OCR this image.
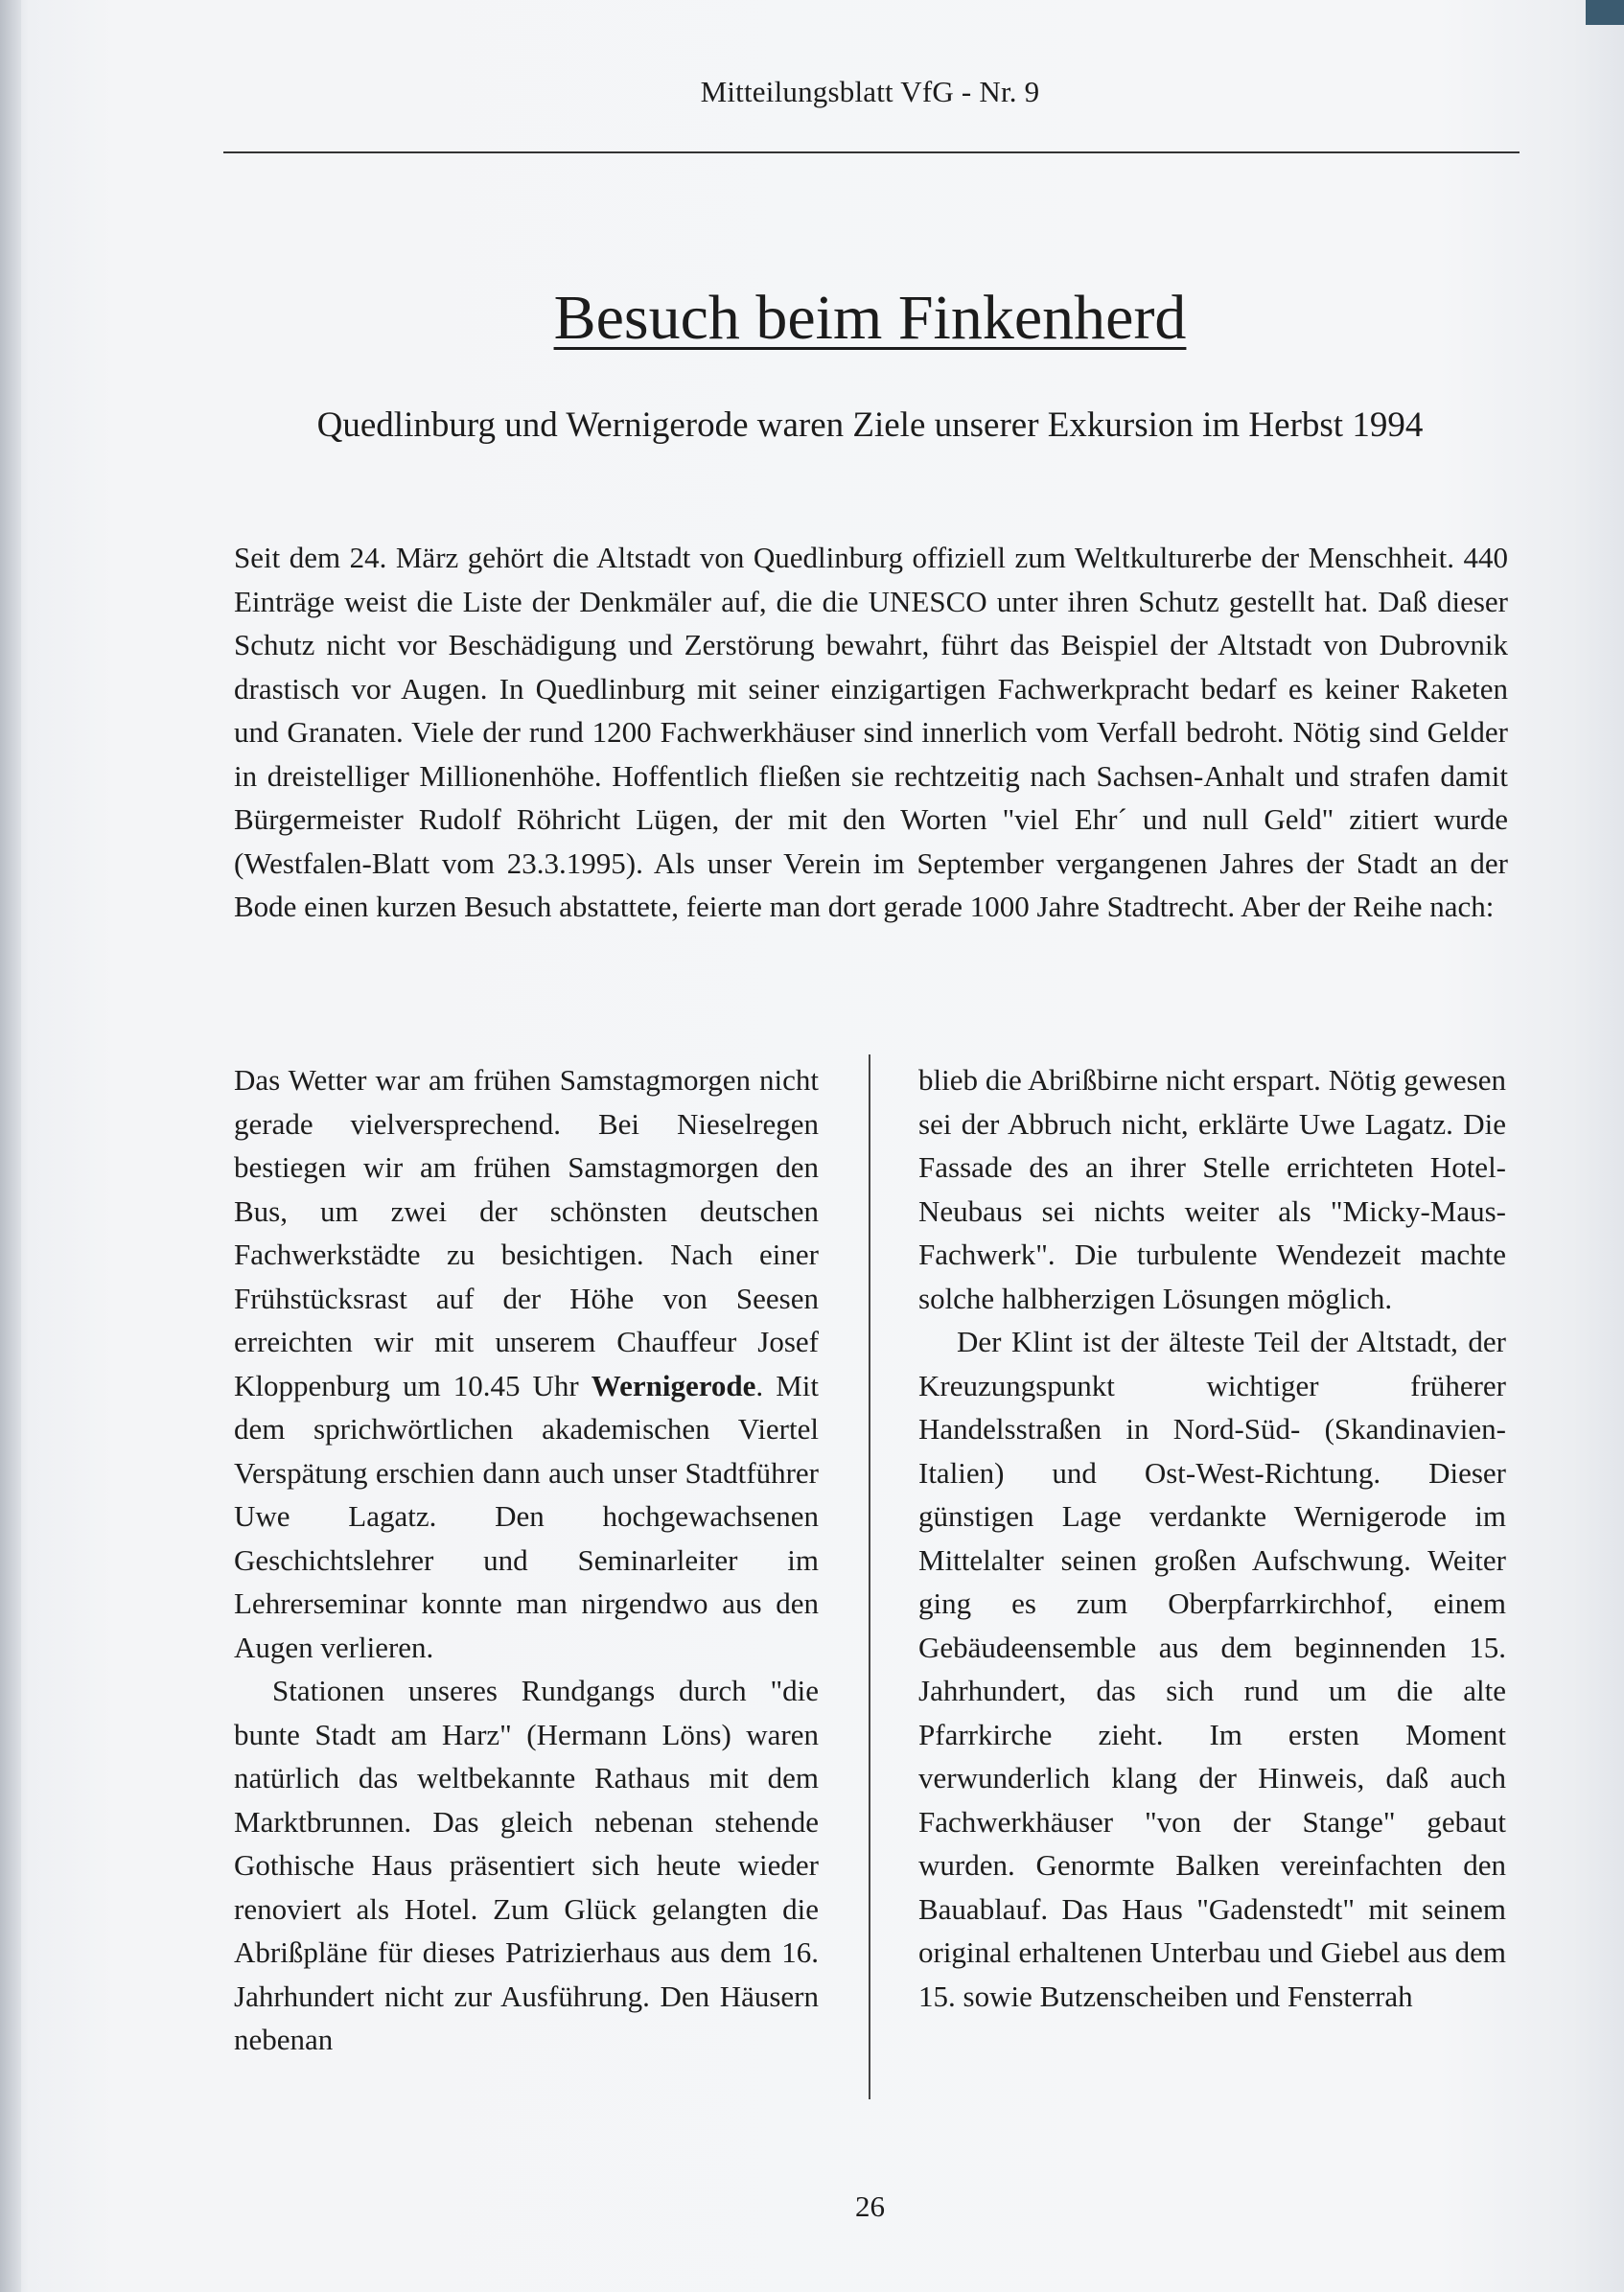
Mitteilungsblatt VfG - Nr. 9
Besuch beim Finkenherd
Quedlinburg und Wernigerode waren Ziele unserer Exkursion im Herbst 1994

Seit dem 24. März gehört die Altstadt von Quedlinburg offiziell zum Weltkulturerbe der Menschheit. 440 Einträge weist die Liste der Denkmäler auf, die die UNESCO unter ihren Schutz gestellt hat. Daß dieser Schutz nicht vor Beschädigung und Zerstörung bewahrt, führt das Beispiel der Altstadt von Dubrovnik drastisch vor Augen. In Quedlinburg mit seiner einzigartigen Fachwerkpracht bedarf es keiner Raketen und Granaten. Viele der rund 1200 Fachwerkhäuser sind innerlich vom Verfall bedroht. Nötig sind Gelder in dreistelliger Millionenhöhe. Hoffentlich fließen sie rechtzeitig nach Sachsen-Anhalt und strafen damit Bürgermeister Rudolf Röhricht Lügen, der mit den Worten "viel Ehr´ und null Geld" zitiert wurde (Westfalen-Blatt vom 23.3.1995). Als unser Verein im September vergangenen Jahres der Stadt an der Bode einen kurzen Besuch abstattete, feierte man dort gerade 1000 Jahre Stadtrecht. Aber der Reihe nach:

Das Wetter war am frühen Samstagmorgen nicht gerade vielversprechend. Bei Nieselregen bestiegen wir am frühen Samstagmorgen den Bus, um zwei der schönsten deutschen Fachwerkstädte zu besichtigen. Nach einer Frühstücksrast auf der Höhe von Seesen erreichten wir mit unserem Chauffeur Josef Kloppenburg um 10.45 Uhr Wernigerode. Mit dem sprichwörtlichen akademischen Viertel Verspätung erschien dann auch unser Stadtführer Uwe Lagatz. Den hochgewachsenen Geschichtslehrer und Seminarleiter im Lehrerseminar konnte man nirgendwo aus den Augen verlieren.

Stationen unseres Rundgangs durch "die bunte Stadt am Harz" (Hermann Löns) waren natürlich das weltbekannte Rathaus mit dem Marktbrunnen. Das gleich nebenan stehende Gothische Haus präsentiert sich heute wieder renoviert als Hotel. Zum Glück gelangten die Abrißpläne für dieses Patrizierhaus aus dem 16. Jahrhundert nicht zur Ausführung. Den Häusern nebenan

blieb die Abrißbirne nicht erspart. Nötig gewesen sei der Abbruch nicht, erklärte Uwe Lagatz. Die Fassade des an ihrer Stelle errichteten Hotel-Neubaus sei nichts weiter als "Micky-Maus-Fachwerk". Die turbulente Wendezeit machte solche halbherzigen Lösungen möglich.

Der Klint ist der älteste Teil der Altstadt, der Kreuzungspunkt wichtiger früherer Handelsstraßen in Nord-Süd- (Skandinavien-Italien) und Ost-West-Richtung. Dieser günstigen Lage verdankte Wernigerode im Mittelalter seinen großen Aufschwung. Weiter ging es zum Oberpfarrkirchhof, einem Gebäudeensemble aus dem beginnenden 15. Jahrhundert, das sich rund um die alte Pfarrkirche zieht. Im ersten Moment verwunderlich klang der Hinweis, daß auch Fachwerkhäuser "von der Stange" gebaut wurden. Genormte Balken vereinfachten den Bauablauf. Das Haus "Gadenstedt" mit seinem original erhaltenen Unterbau und Giebel aus dem 15. sowie Butzenscheiben und Fensterrah

26
